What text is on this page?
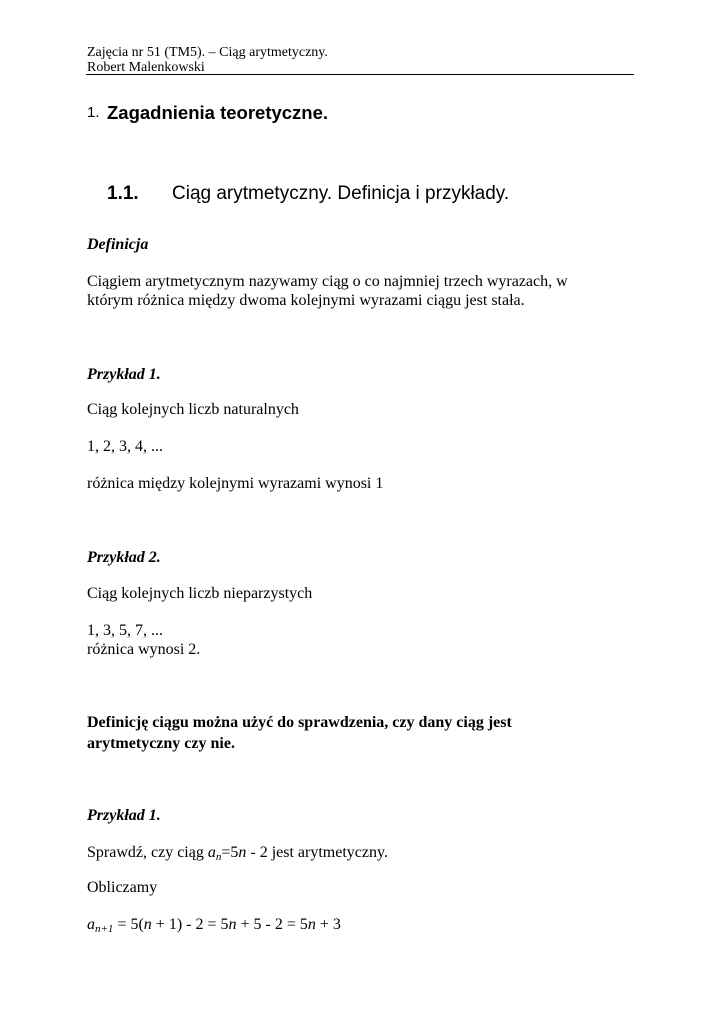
Zajęcia nr 51 (TM5). – Ciąg arytmetyczny.
Robert Malenkowski
1. Zagadnienia teoretyczne.
1.1. Ciąg arytmetyczny. Definicja i przykłady.
Definicja
Ciągiem arytmetycznym nazywamy ciąg o co najmniej trzech wyrazach, w
którym różnica między dwoma kolejnymi wyrazami ciągu jest stała.
Przykład 1.
Ciąg kolejnych liczb naturalnych
1, 2, 3, 4, ...
różnica między kolejnymi wyrazami wynosi 1
Przykład 2.
Ciąg kolejnych liczb nieparzystych
1, 3, 5, 7, ...
różnica wynosi 2.
Definicję ciągu można użyć do sprawdzenia, czy dany ciąg jest
arytmetyczny czy nie.
Przykład 1.
Sprawdź, czy ciąg $a_n=5n - 2$ jest arytmetyczny.
Obliczamy
$a_{n+1} = 5(n + 1) - 2 = 5n + 5 - 2 = 5n + 3$
